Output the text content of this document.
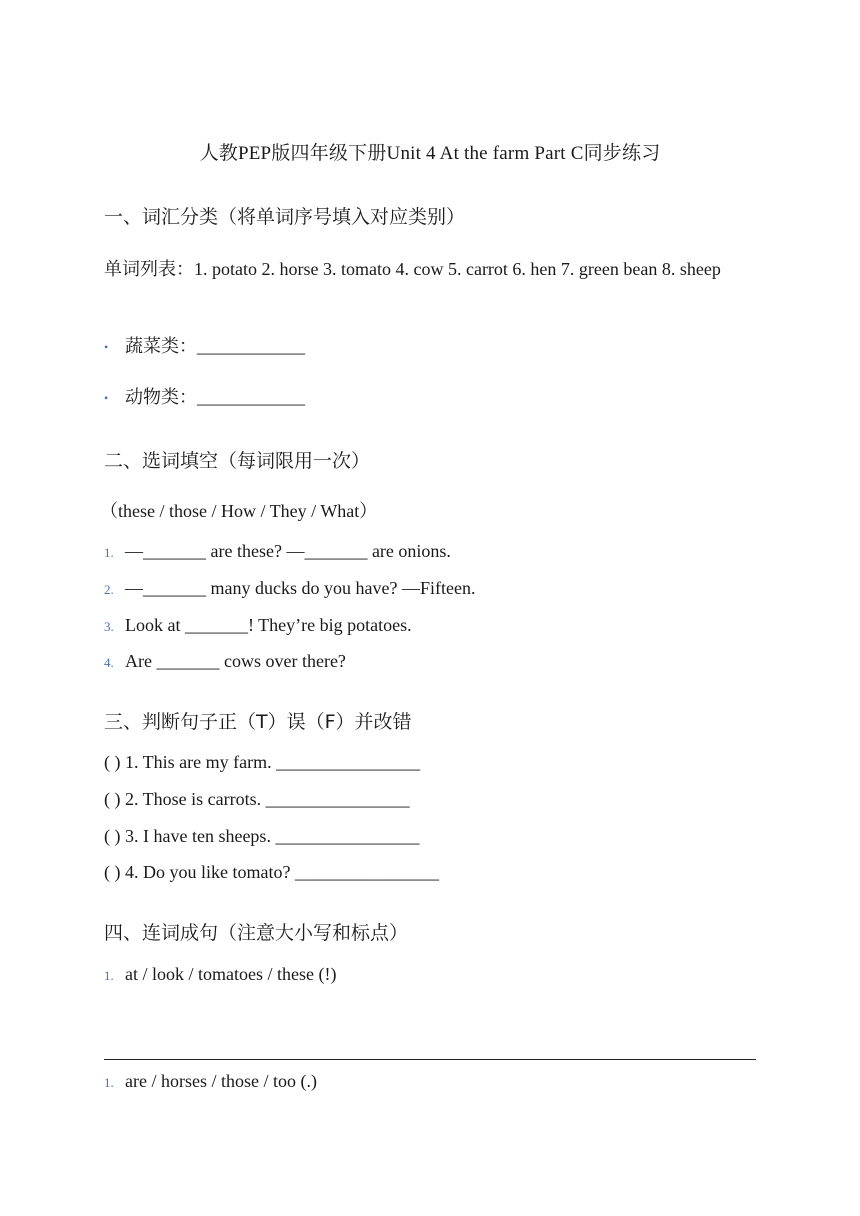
人教PEP版四年级下册Unit 4 At the farm Part C同步练习
一、词汇分类（将单词序号填入对应类别）
单词列表：1. potato 2. horse 3. tomato 4. cow 5. carrot 6. hen 7. green bean 8. sheep
• 蔬菜类：____________
• 动物类：____________
二、选词填空（每词限用一次）
（these / those / How / They / What）
1. —_______ are these? —_______ are onions.
2. —_______ many ducks do you have? —Fifteen.
3. Look at _______! They’re big potatoes.
4. Are _______ cows over there?
三、判断句子正（T）误（F）并改错
( ) 1. This are my farm. ________________
( ) 2. Those is carrots. ________________
( ) 3. I have ten sheeps. ________________
( ) 4. Do you like tomato? ________________
四、连词成句（注意大小写和标点）
1. at / look / tomatoes / these (!)
1. are / horses / those / too (.)
